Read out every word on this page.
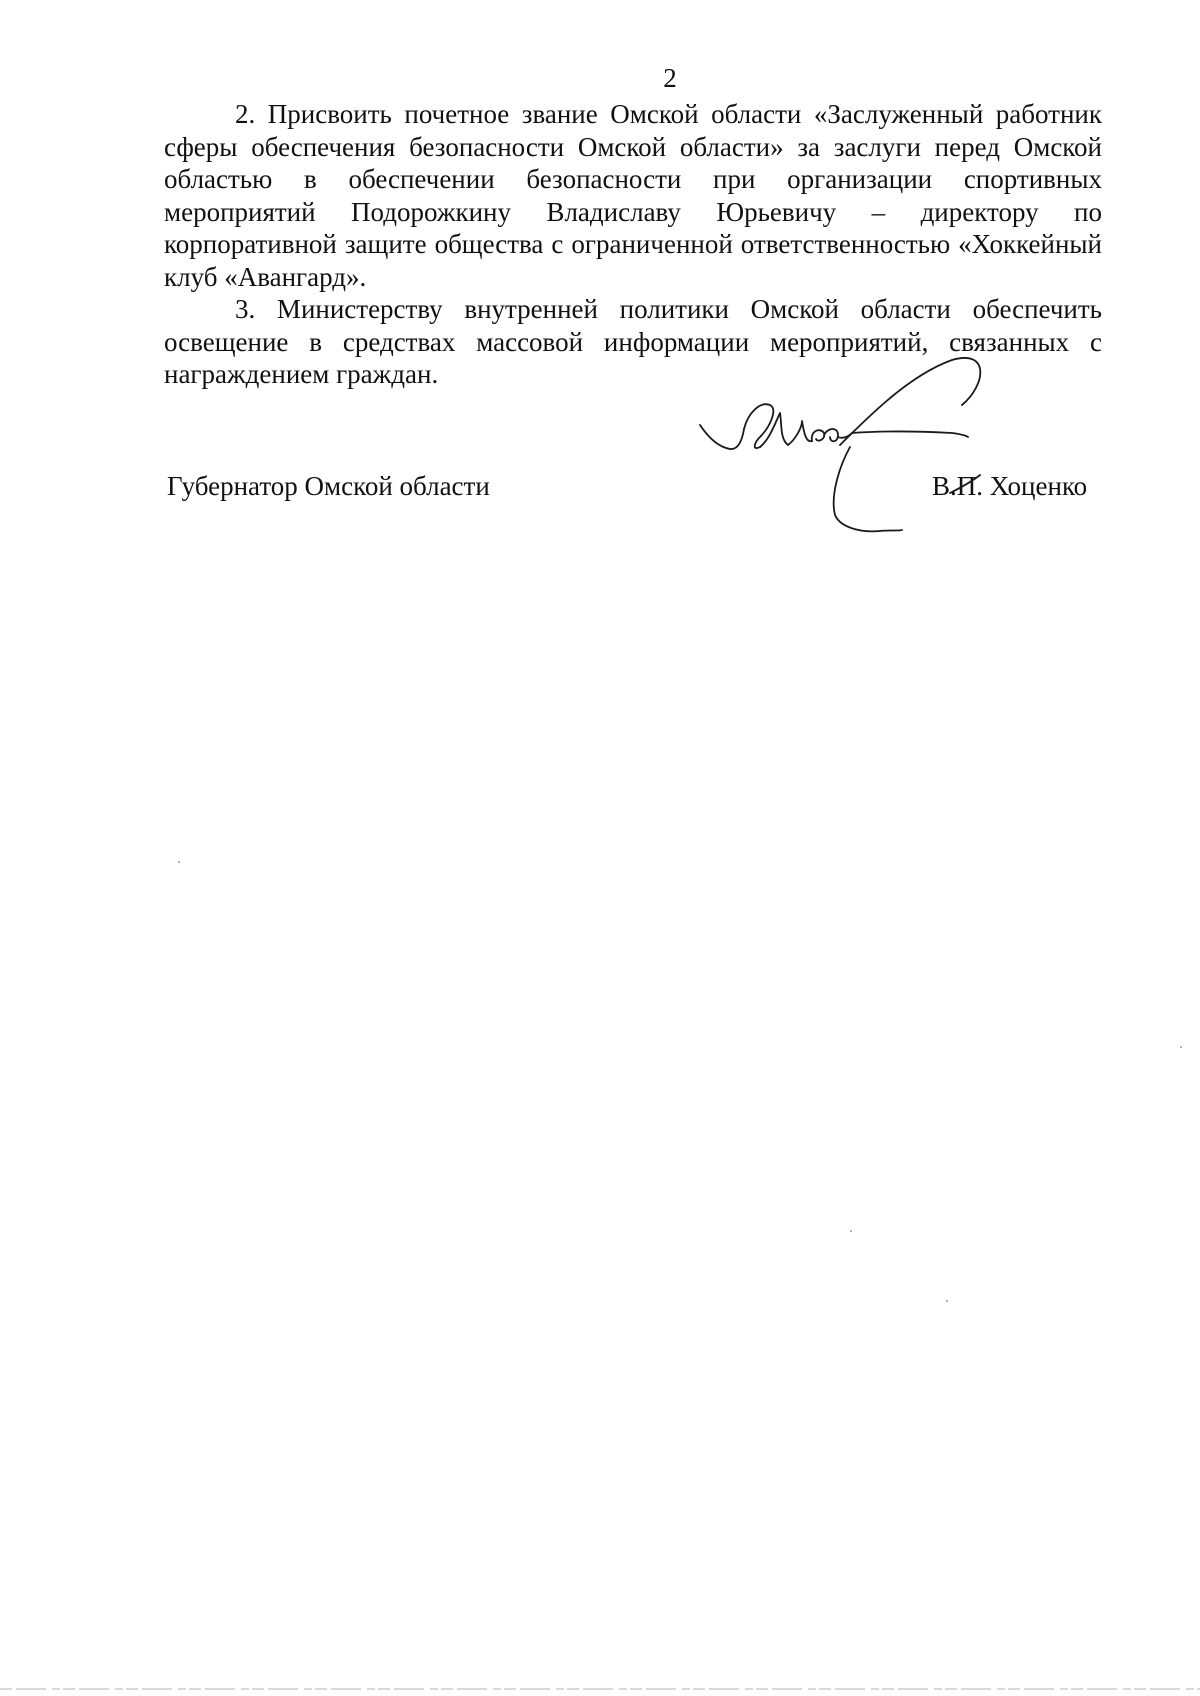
2

2. Присвоить почетное звание Омской области «Заслуженный работник сферы обеспечения безопасности Омской области» за заслуги перед Омской областью в обеспечении безопасности при организации спортивных мероприятий Подорожкину Владиславу Юрьевичу – директору по корпоративной защите общества с ограниченной ответственностью «Хоккейный клуб «Авангард».

3. Министерству внутренней политики Омской области обеспечить освещение в средствах массовой информации мероприятий, связанных с награждением граждан.

Губернатор Омской области	В.П. Хоценко
